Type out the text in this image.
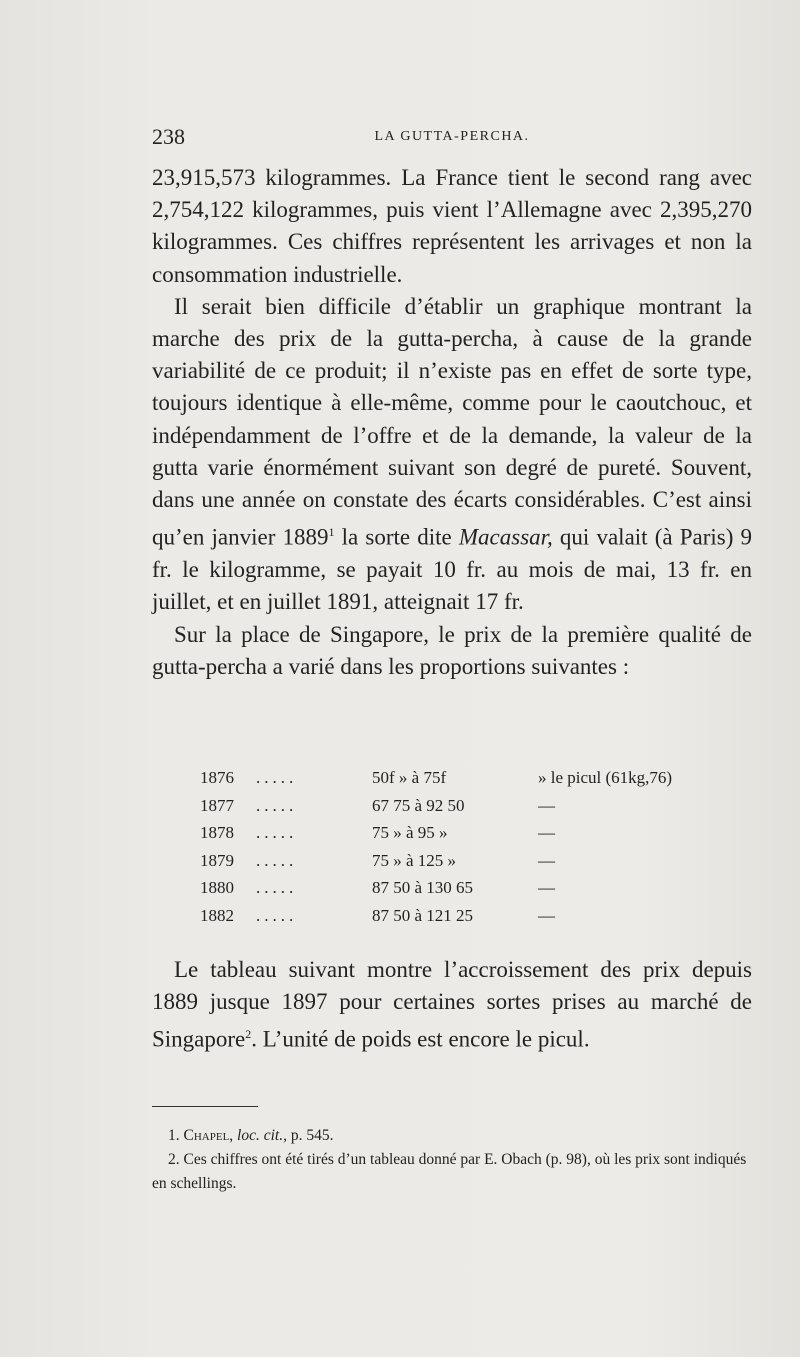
238	LA GUTTA-PERCHA.

23,915,573 kilogrammes. La France tient le second rang avec 2,754,122 kilogrammes, puis vient l’Allemagne avec 2,395,270 kilogrammes. Ces chiffres représentent les arrivages et non la consommation industrielle.

Il serait bien difficile d’établir un graphique montrant la marche des prix de la gutta-percha, à cause de la grande variabilité de ce produit; il n’existe pas en effet de sorte type, toujours identique à elle-même, comme pour le caoutchouc, et indépendamment de l’offre et de la demande, la valeur de la gutta varie énormément suivant son degré de pureté. Souvent, dans une année on constate des écarts considérables. C’est ainsi qu’en janvier 1889$^1$ la sorte dite Macassar, qui valait (à Paris) 9 fr. le kilogramme, se payait 10 fr. au mois de mai, 13 fr. en juillet, et en juillet 1891, atteignait 17 fr.

Sur la place de Singapore, le prix de la première qualité de gutta-percha a varié dans les proportions suivantes :

1876 .....	50f » à 75f	» le picul (61kg,76)
1877 .....	67 75 à 92 50	—
1878 .....	75 » à 95 »	—
1879 .....	75 » à 125 »	—
1880 .....	87 50 à 130 65	—
1882 .....	87 50 à 121 25	—

Le tableau suivant montre l’accroissement des prix depuis 1889 jusque 1897 pour certaines sortes prises au marché de Singapore$^2$. L’unité de poids est encore le picul.

1. Chapel, loc. cit., p. 545.

2. Ces chiffres ont été tirés d’un tableau donné par E. Obach (p. 98), où les prix sont indiqués en schellings.
